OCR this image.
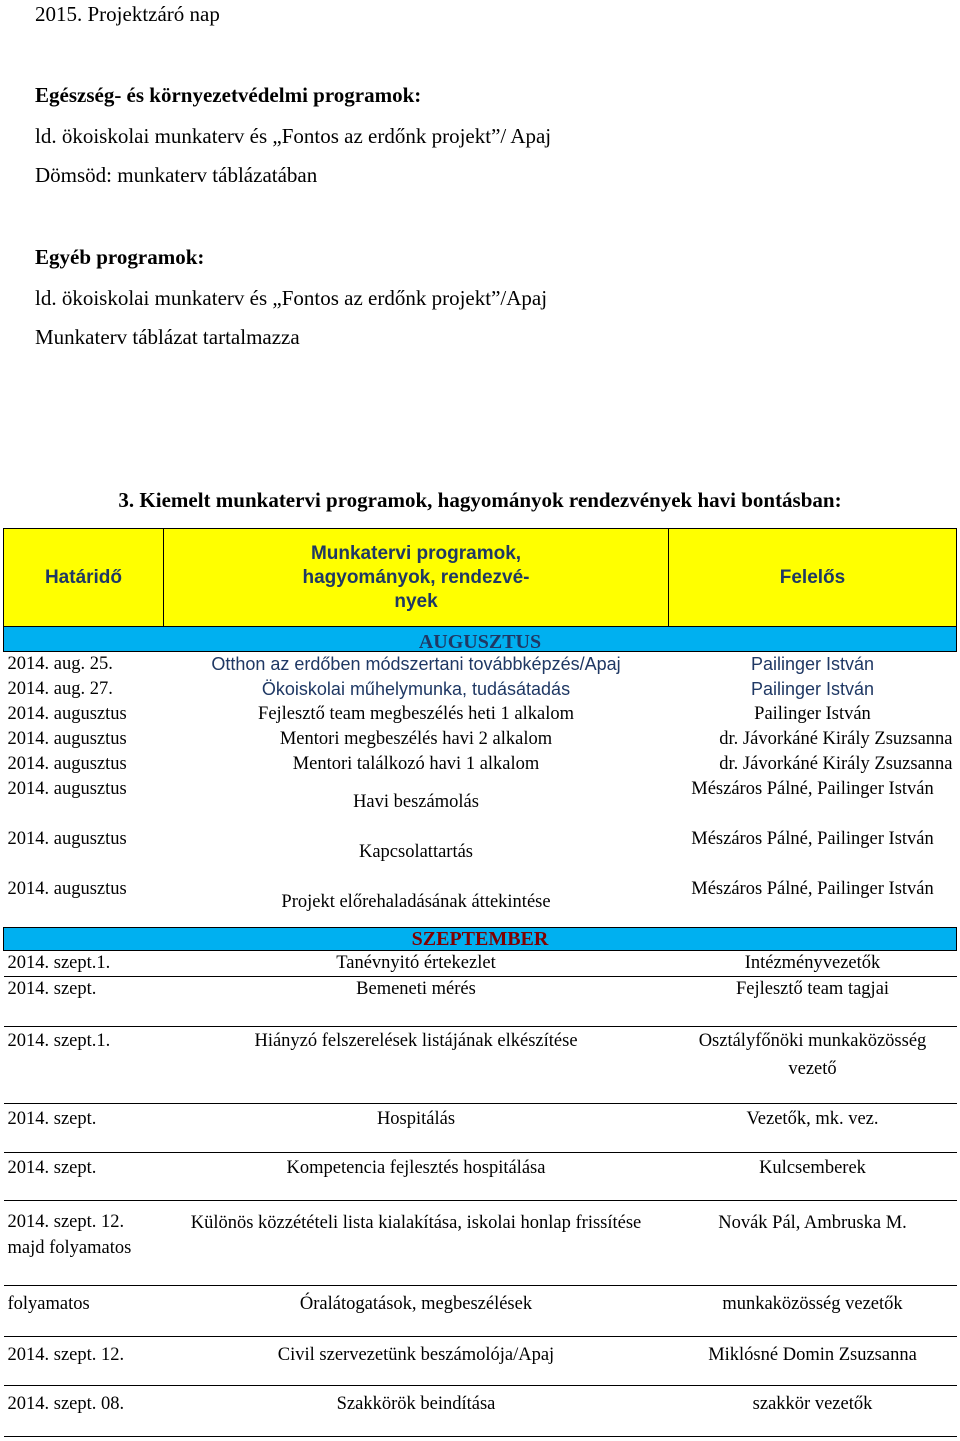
2015. Projektzáró nap
Egészség- és környezetvédelmi programok:
ld. ökoiskolai munkaterv és „Fontos az erdőnk projekt”/ Apaj
Dömsöd: munkaterv táblázatában
Egyéb programok:
ld. ökoiskolai munkaterv és „Fontos az erdőnk projekt”/Apaj
Munkaterv táblázat tartalmazza
3. Kiemelt munkatervi programok, hagyományok rendezvények havi bontásban:
Határidő	Munkatervi programok, hagyományok, rendezvé-nyek	Felelős
AUGUSZTUS		
2014. aug. 25.	Otthon az erdőben módszertani továbbképzés/Apaj	Pailinger István
2014. aug. 27.	Ökoiskolai műhelymunka, tudásátadás	Pailinger István
2014. augusztus	Fejlesztő team megbeszélés heti 1 alkalom	Pailinger István
2014. augusztus	Mentori megbeszélés havi 2 alkalom	dr. Jávorkáné Király Zsuzsanna
2014. augusztus	Mentori találkozó havi 1 alkalom	dr. Jávorkáné Király Zsuzsanna
2014. augusztus	Havi beszámolás	Mészáros Pálné, Pailinger István
2014. augusztus	Kapcsolattartás	Mészáros Pálné, Pailinger István
2014. augusztus	Projekt előrehaladásának áttekintése	Mészáros Pálné, Pailinger István
SZEPTEMBER		
2014. szept.1.	Tanévnyitó értekezlet	Intézményvezetők
2014. szept.	Bemeneti mérés	Fejlesztő team tagjai
2014. szept.1.	Hiányzó felszerelések listájának elkészítése	Osztályfőnöki munkaközösség vezető
2014. szept.	Hospitálás	Vezetők, mk. vez.
2014. szept.	Kompetencia fejlesztés hospitálása	Kulcsemberek
2014. szept. 12. majd folyamatos	Különös közzétételi lista kialakítása, iskolai honlap frissítése	Novák Pál, Ambruska M.
folyamatos	Óralátogatások, megbeszélések	munkaközösség vezetők
2014. szept. 12.	Civil szervezetünk beszámolója/Apaj	Miklósné Domin Zsuzsanna
2014. szept. 08.	Szakkörök beindítása	szakkör vezetők
